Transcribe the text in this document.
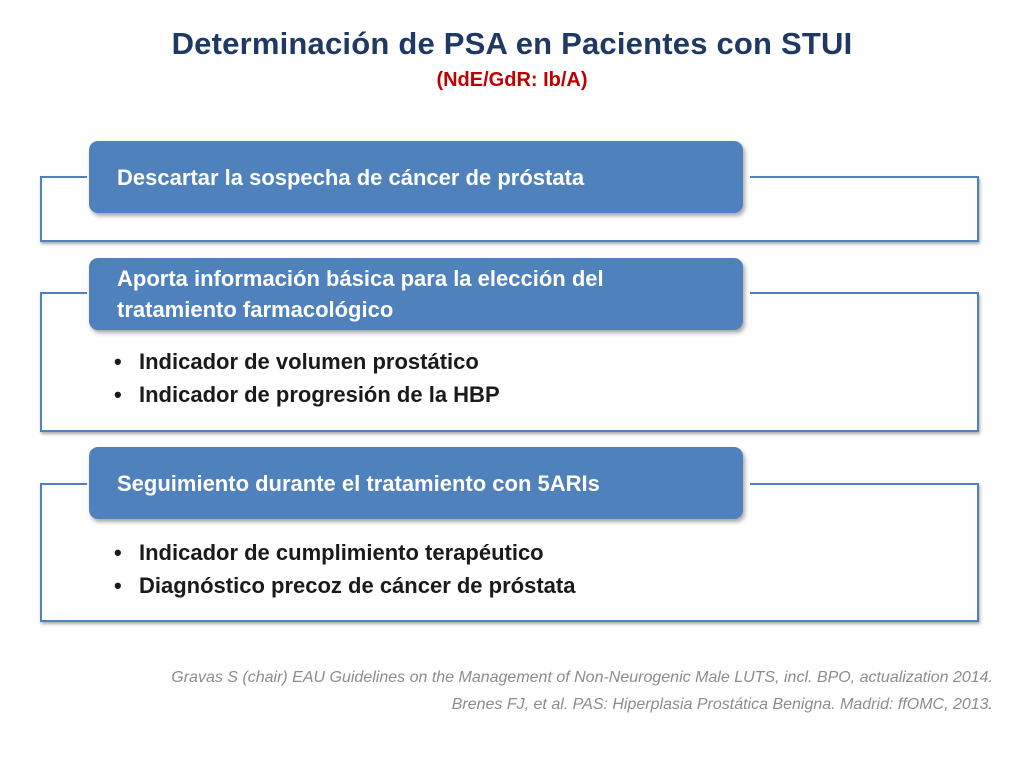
Determinación de PSA en Pacientes con STUI
(NdE/GdR: Ib/A)
Descartar la sospecha de cáncer de próstata
Aporta información básica para la elección del tratamiento farmacológico
• Indicador de volumen prostático
• Indicador de progresión de la HBP
Seguimiento durante el tratamiento con 5ARIs
• Indicador de cumplimiento terapéutico
• Diagnóstico precoz de cáncer de próstata
Gravas S (chair) EAU Guidelines on the Management of Non-Neurogenic Male LUTS, incl. BPO, actualization 2014.
Brenes FJ, et al. PAS: Hiperplasia Prostática Benigna. Madrid: ffOMC, 2013.
